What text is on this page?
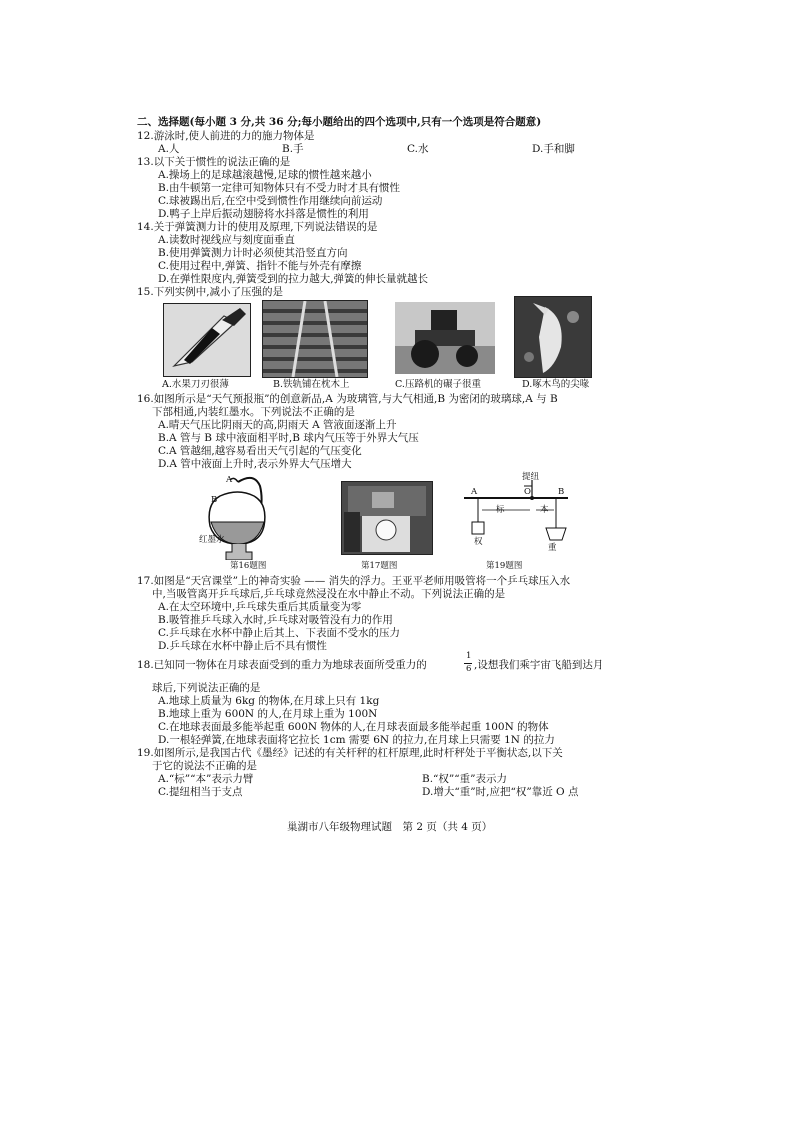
二、选择题(每小题 3 分,共 36 分;每小题给出的四个选项中,只有一个选项是符合题意)
12.游泳时,使人前进的力的施力物体是
A.人	B.手	C.水	D.手和脚
13.以下关于惯性的说法正确的是
A.操场上的足球越滚越慢,足球的惯性越来越小
B.由牛顿第一定律可知物体只有不受力时才具有惯性
C.球被踢出后,在空中受到惯性作用继续向前运动
D.鸭子上岸后振动翅膀将水抖落是惯性的利用
14.关于弹簧测力计的使用及原理,下列说法错误的是
A.读数时视线应与刻度面垂直
B.使用弹簧测力计时必须使其沿竖直方向
C.使用过程中,弹簧、指针不能与外壳有摩擦
D.在弹性限度内,弹簧受到的拉力越大,弹簧的伸长量就越长
15.下列实例中,减小了压强的是
A.水果刀刃很薄	B.铁轨铺在枕木上	C.压路机的碾子很重	D.啄木鸟的尖喙
16.如图所示是“天气预报瓶”的创意新品,A 为玻璃管,与大气相通,B 为密闭的玻璃球,A 与 B
下部相通,内装红墨水。下列说法不正确的是
A.晴天气压比阴雨天的高,阴雨天 A 管液面逐渐上升
B.A 管与 B 球中液面相平时,B 球内气压等于外界大气压
C.A 管越细,越容易看出天气引起的气压变化
D.A 管中液面上升时,表示外界大气压增大
A
B
红墨水
第16题图	第17题图
提纽
A	O	B
标	本
权
重
第19题图
17.如图是“天宫课堂”上的神奇实验 —— 消失的浮力。王亚平老师用吸管将一个乒乓球压入水
中,当吸管离开乒乓球后,乒乓球竟然浸没在水中静止不动。下列说法正确的是
A.在太空环境中,乒乓球失重后其质量变为零
B.吸管推乒乓球入水时,乒乓球对吸管没有力的作用
C.乒乓球在水杯中静止后其上、下表面不受水的压力
D.乒乓球在水杯中静止后不具有惯性
18.已知同一物体在月球表面受到的重力为地球表面所受重力的
1
6 ,设想我们乘宇宙飞船到达月
球后,下列说法正确的是
A.地球上质量为 6kg 的物体,在月球上只有 1kg
B.地球上重为 600N 的人,在月球上重为 100N
C.在地球表面最多能举起重 600N 物体的人,在月球表面最多能举起重 100N 的物体
D.一根轻弹簧,在地球表面将它拉长 1cm 需要 6N 的拉力,在月球上只需要 1N 的拉力
19.如图所示,是我国古代《墨经》记述的有关杆秤的杠杆原理,此时杆秤处于平衡状态,以下关
于它的说法不正确的是
A.“标”“本”表示力臂	B.“权”“重”表示力
C.提纽相当于支点	D.增大“重”时,应把“权”靠近 O 点
巢湖市八年级物理试题　第 2 页（共 4 页）
